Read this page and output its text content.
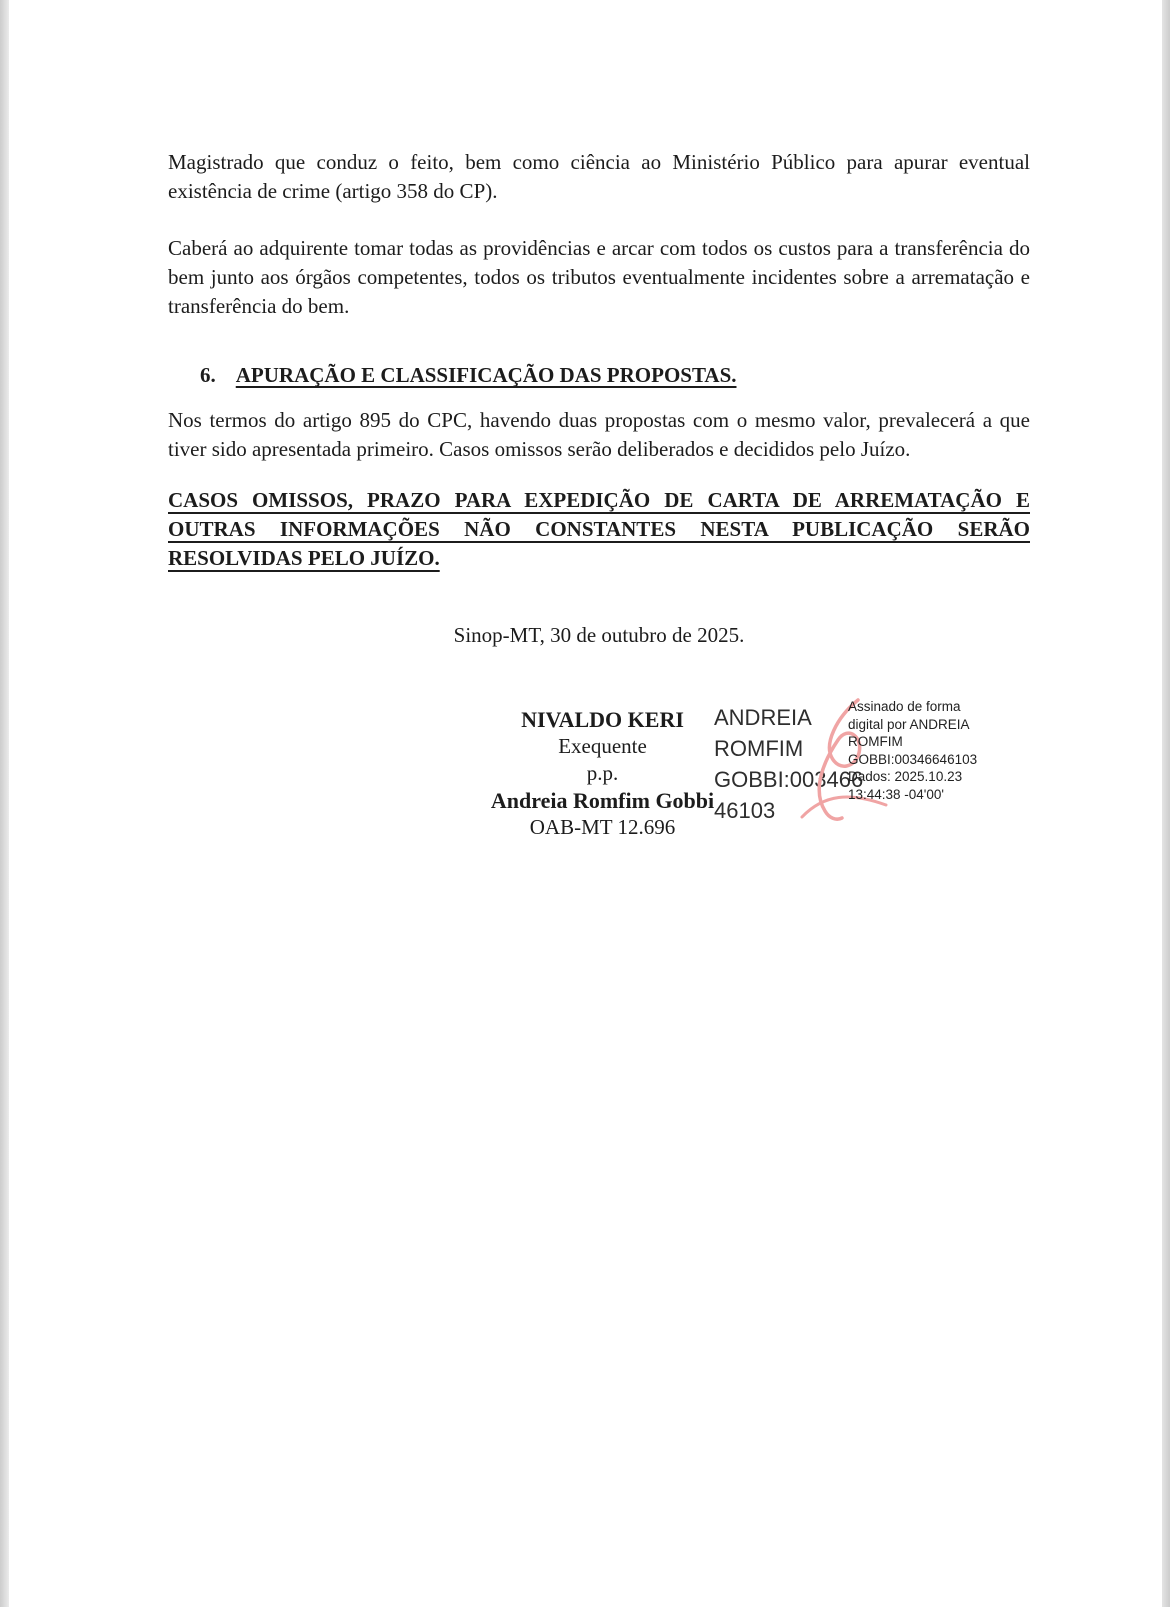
Magistrado que conduz o feito, bem como ciência ao Ministério Público para apurar eventual existência de crime (artigo 358 do CP).

Caberá ao adquirente tomar todas as providências e arcar com todos os custos para a transferência do bem junto aos órgãos competentes, todos os tributos eventualmente incidentes sobre a arrematação e transferência do bem.

6. APURAÇÃO E CLASSIFICAÇÃO DAS PROPOSTAS.

Nos termos do artigo 895 do CPC, havendo duas propostas com o mesmo valor, prevalecerá a que tiver sido apresentada primeiro. Casos omissos serão deliberados e decididos pelo Juízo.

CASOS OMISSOS, PRAZO PARA EXPEDIÇÃO DE CARTA DE ARREMATAÇÃO E OUTRAS INFORMAÇÕES NÃO CONSTANTES NESTA PUBLICAÇÃO SERÃO RESOLVIDAS PELO JUÍZO.

Sinop-MT, 30 de outubro de 2025.

NIVALDO KERI
Exequente
p.p.
Andreia Romfim Gobbi
OAB-MT 12.696
ANDREIA
ROMFIM
GOBBI:003466
46103
Assinado de forma
digital por ANDREIA
ROMFIM
GOBBI:00346646103
Dados: 2025.10.23
13:44:38 -04'00'
